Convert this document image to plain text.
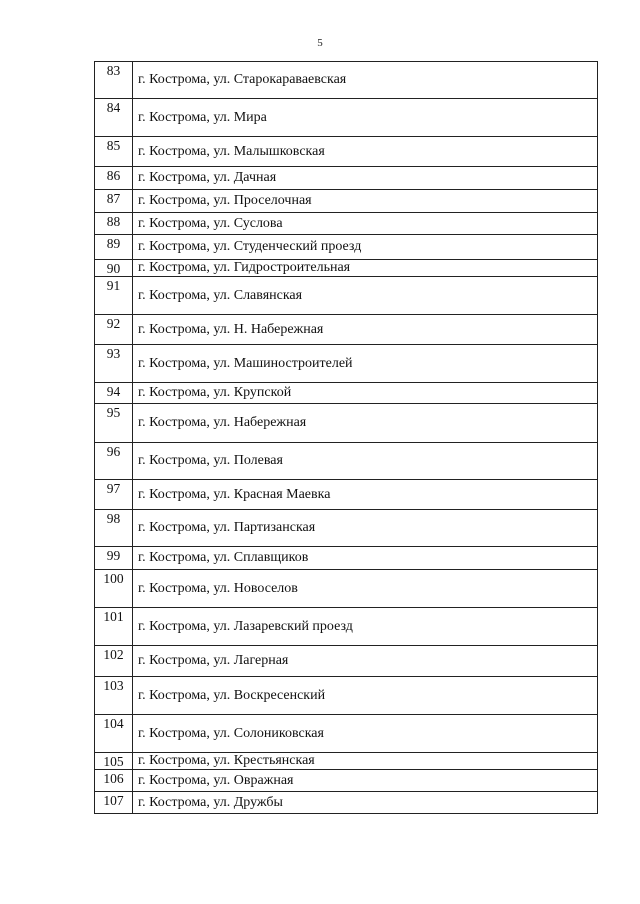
5
83	г. Кострома, ул. Старокараваевская
84	г. Кострома, ул. Мира
85	г. Кострома, ул. Малышковская
86	г. Кострома, ул. Дачная
87	г. Кострома, ул. Проселочная
88	г. Кострома, ул. Суслова
89	г. Кострома, ул. Студенческий проезд
90	г. Кострома, ул. Гидростроительная
91	г. Кострома, ул. Славянская
92	г. Кострома, ул. Н. Набережная
93	г. Кострома, ул. Машиностроителей
94	г. Кострома, ул. Крупской
95	г. Кострома, ул. Набережная
96	г. Кострома, ул. Полевая
97	г. Кострома, ул. Красная Маевка
98	г. Кострома, ул. Партизанская
99	г. Кострома, ул. Сплавщиков
100	г. Кострома, ул. Новоселов
101	г. Кострома, ул. Лазаревский проезд
102	г. Кострома, ул. Лагерная
103	г. Кострома, ул. Воскресенский
104	г. Кострома, ул. Солониковская
105	г. Кострома, ул. Крестьянская
106	г. Кострома, ул. Овражная
107	г. Кострома, ул. Дружбы
